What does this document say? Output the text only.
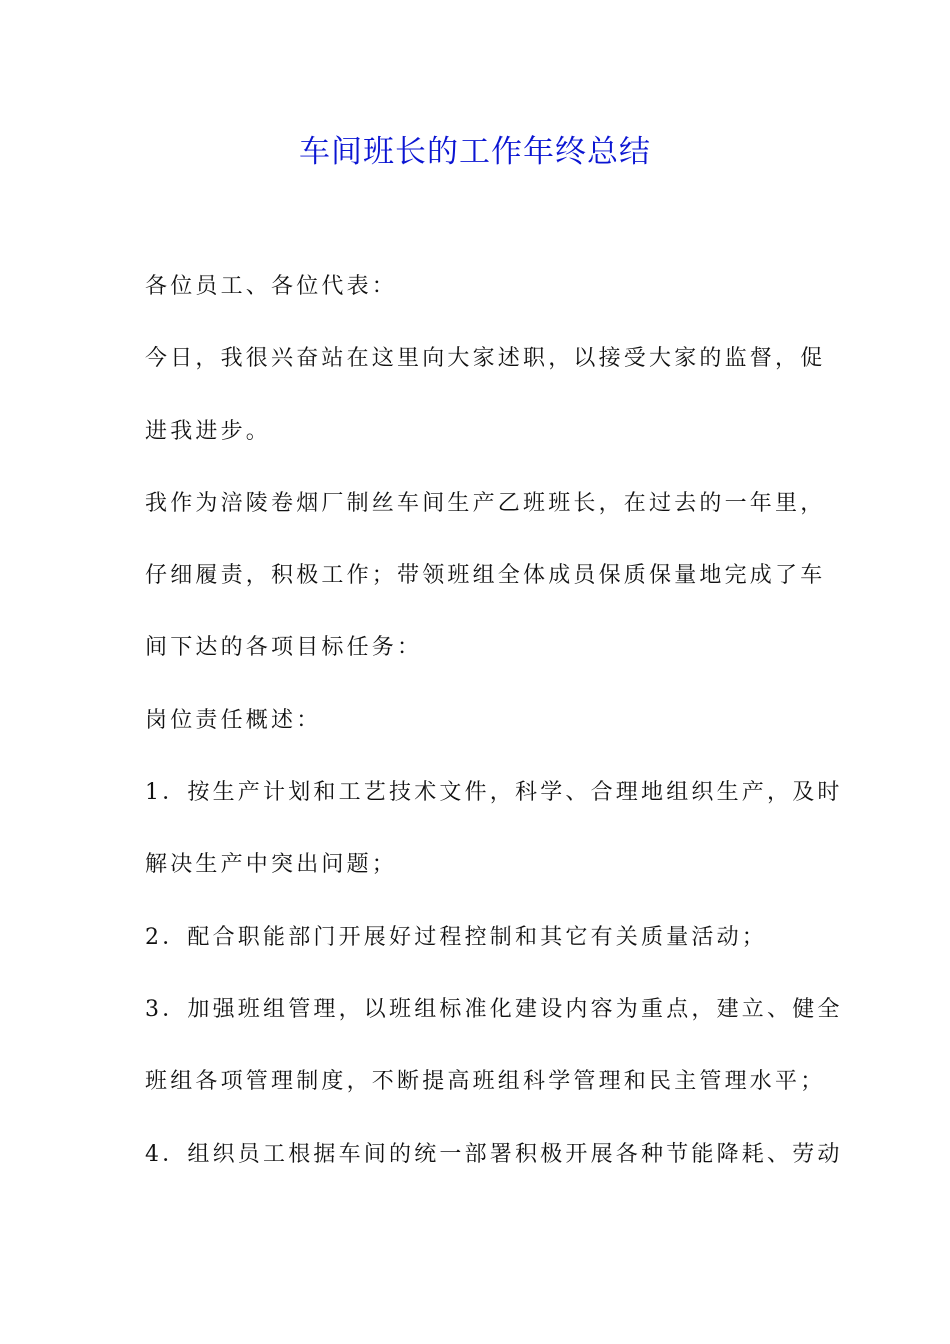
车间班长的工作年终总结
各位员工、各位代表：
今日，我很兴奋站在这里向大家述职，以接受大家的监督，促
进我进步。
我作为涪陵卷烟厂制丝车间生产乙班班长，在过去的一年里，
仔细履责，积极工作；带领班组全体成员保质保量地完成了车
间下达的各项目标任务：
岗位责任概述：
1．按生产计划和工艺技术文件，科学、合理地组织生产，及时
解决生产中突出问题；
2．配合职能部门开展好过程控制和其它有关质量活动；
3．加强班组管理，以班组标准化建设内容为重点，建立、健全
班组各项管理制度，不断提高班组科学管理和民主管理水平；
4．组织员工根据车间的统一部署积极开展各种节能降耗、劳动
